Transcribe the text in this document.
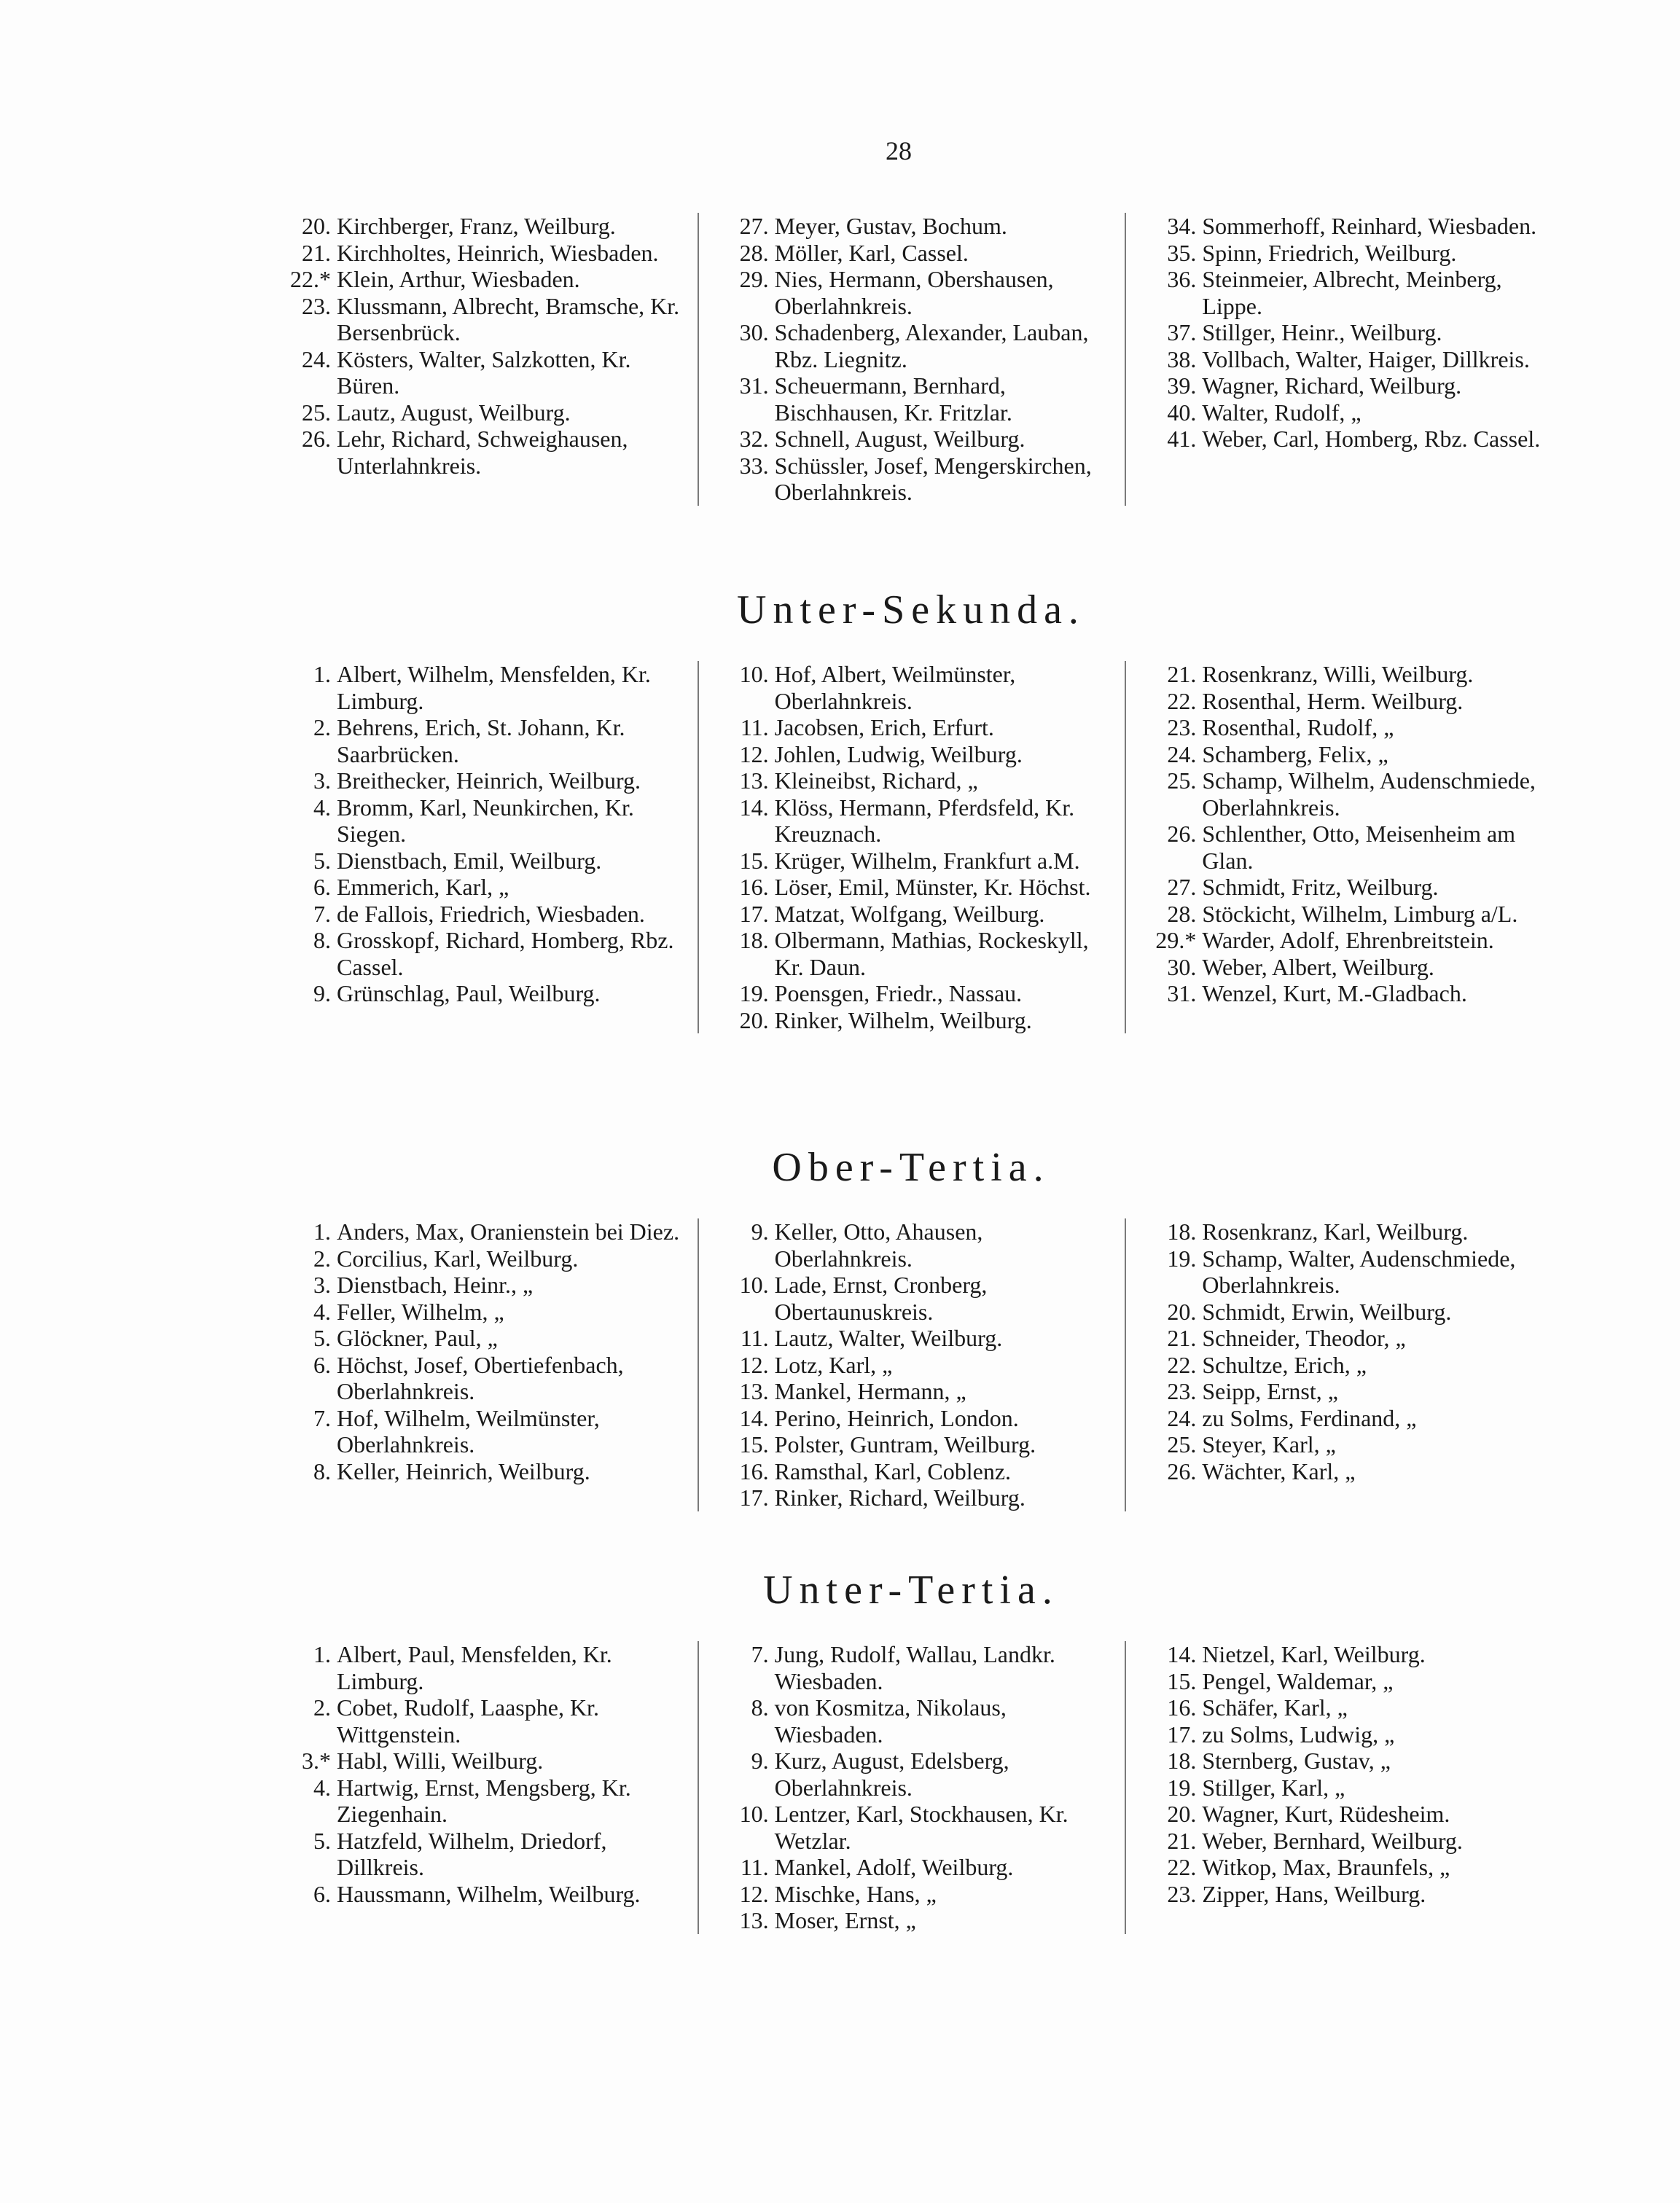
28
20. Kirchberger, Franz, Weilburg.
21. Kirchholtes, Heinrich, Wiesbaden.
22.* Klein, Arthur, Wiesbaden.
23. Klussmann, Albrecht, Bramsche, Kr. Bersenbrück.
24. Kösters, Walter, Salzkotten, Kr. Büren.
25. Lautz, August, Weilburg.
26. Lehr, Richard, Schweighausen, Unterlahnkreis.
27. Meyer, Gustav, Bochum.
28. Möller, Karl, Cassel.
29. Nies, Hermann, Obershausen, Oberlahnkreis.
30. Schadenberg, Alexander, Lauban, Rbz. Liegnitz.
31. Scheuermann, Bernhard, Bischhausen, Kr. Fritzlar.
32. Schnell, August, Weilburg.
33. Schüssler, Josef, Mengerskirchen, Oberlahnkreis.
34. Sommerhoff, Reinhard, Wiesbaden.
35. Spinn, Friedrich, Weilburg.
36. Steinmeier, Albrecht, Meinberg, Lippe.
37. Stillger, Heinr., Weilburg.
38. Vollbach, Walter, Haiger, Dillkreis.
39. Wagner, Richard, Weilburg.
40. Walter, Rudolf, „
41. Weber, Carl, Homberg, Rbz. Cassel.
Unter-Sekunda.
1. Albert, Wilhelm, Mensfelden, Kr. Limburg.
2. Behrens, Erich, St. Johann, Kr. Saarbrücken.
3. Breithecker, Heinrich, Weilburg.
4. Bromm, Karl, Neunkirchen, Kr. Siegen.
5. Dienstbach, Emil, Weilburg.
6. Emmerich, Karl, „
7. de Fallois, Friedrich, Wiesbaden.
8. Grosskopf, Richard, Homberg, Rbz. Cassel.
9. Grünschlag, Paul, Weilburg.
10. Hof, Albert, Weilmünster, Oberlahnkreis.
11. Jacobsen, Erich, Erfurt.
12. Johlen, Ludwig, Weilburg.
13. Kleineibst, Richard, „
14. Klöss, Hermann, Pferdsfeld, Kr. Kreuznach.
15. Krüger, Wilhelm, Frankfurt a.M.
16. Löser, Emil, Münster, Kr. Höchst.
17. Matzat, Wolfgang, Weilburg.
18. Olbermann, Mathias, Rockeskyll, Kr. Daun.
19. Poensgen, Friedr., Nassau.
20. Rinker, Wilhelm, Weilburg.
21. Rosenkranz, Willi, Weilburg.
22. Rosenthal, Herm. Weilburg.
23. Rosenthal, Rudolf, „
24. Schamberg, Felix, „
25. Schamp, Wilhelm, Audenschmiede, Oberlahnkreis.
26. Schlenther, Otto, Meisenheim am Glan.
27. Schmidt, Fritz, Weilburg.
28. Stöckicht, Wilhelm, Limburg a/L.
29.* Warder, Adolf, Ehrenbreitstein.
30. Weber, Albert, Weilburg.
31. Wenzel, Kurt, M.-Gladbach.
Ober-Tertia.
1. Anders, Max, Oranienstein bei Diez.
2. Corcilius, Karl, Weilburg.
3. Dienstbach, Heinr., „
4. Feller, Wilhelm, „
5. Glöckner, Paul, „
6. Höchst, Josef, Obertiefenbach, Oberlahnkreis.
7. Hof, Wilhelm, Weilmünster, Oberlahnkreis.
8. Keller, Heinrich, Weilburg.
9. Keller, Otto, Ahausen, Oberlahnkreis.
10. Lade, Ernst, Cronberg, Obertaunuskreis.
11. Lautz, Walter, Weilburg.
12. Lotz, Karl, „
13. Mankel, Hermann, „
14. Perino, Heinrich, London.
15. Polster, Guntram, Weilburg.
16. Ramsthal, Karl, Coblenz.
17. Rinker, Richard, Weilburg.
18. Rosenkranz, Karl, Weilburg.
19. Schamp, Walter, Audenschmiede, Oberlahnkreis.
20. Schmidt, Erwin, Weilburg.
21. Schneider, Theodor, „
22. Schultze, Erich, „
23. Seipp, Ernst, „
24. zu Solms, Ferdinand, „
25. Steyer, Karl, „
26. Wächter, Karl, „
Unter-Tertia.
1. Albert, Paul, Mensfelden, Kr. Limburg.
2. Cobet, Rudolf, Laasphe, Kr. Wittgenstein.
3.* Habl, Willi, Weilburg.
4. Hartwig, Ernst, Mengsberg, Kr. Ziegenhain.
5. Hatzfeld, Wilhelm, Driedorf, Dillkreis.
6. Haussmann, Wilhelm, Weilburg.
7. Jung, Rudolf, Wallau, Landkr. Wiesbaden.
8. von Kosmitza, Nikolaus, Wiesbaden.
9. Kurz, August, Edelsberg, Oberlahnkreis.
10. Lentzer, Karl, Stockhausen, Kr. Wetzlar.
11. Mankel, Adolf, Weilburg.
12. Mischke, Hans, „
13. Moser, Ernst, „
14. Nietzel, Karl, Weilburg.
15. Pengel, Waldemar, „
16. Schäfer, Karl, „
17. zu Solms, Ludwig, „
18. Sternberg, Gustav, „
19. Stillger, Karl, „
20. Wagner, Kurt, Rüdesheim.
21. Weber, Bernhard, Weilburg.
22. Witkop, Max, Braunfels, „
23. Zipper, Hans, Weilburg.
